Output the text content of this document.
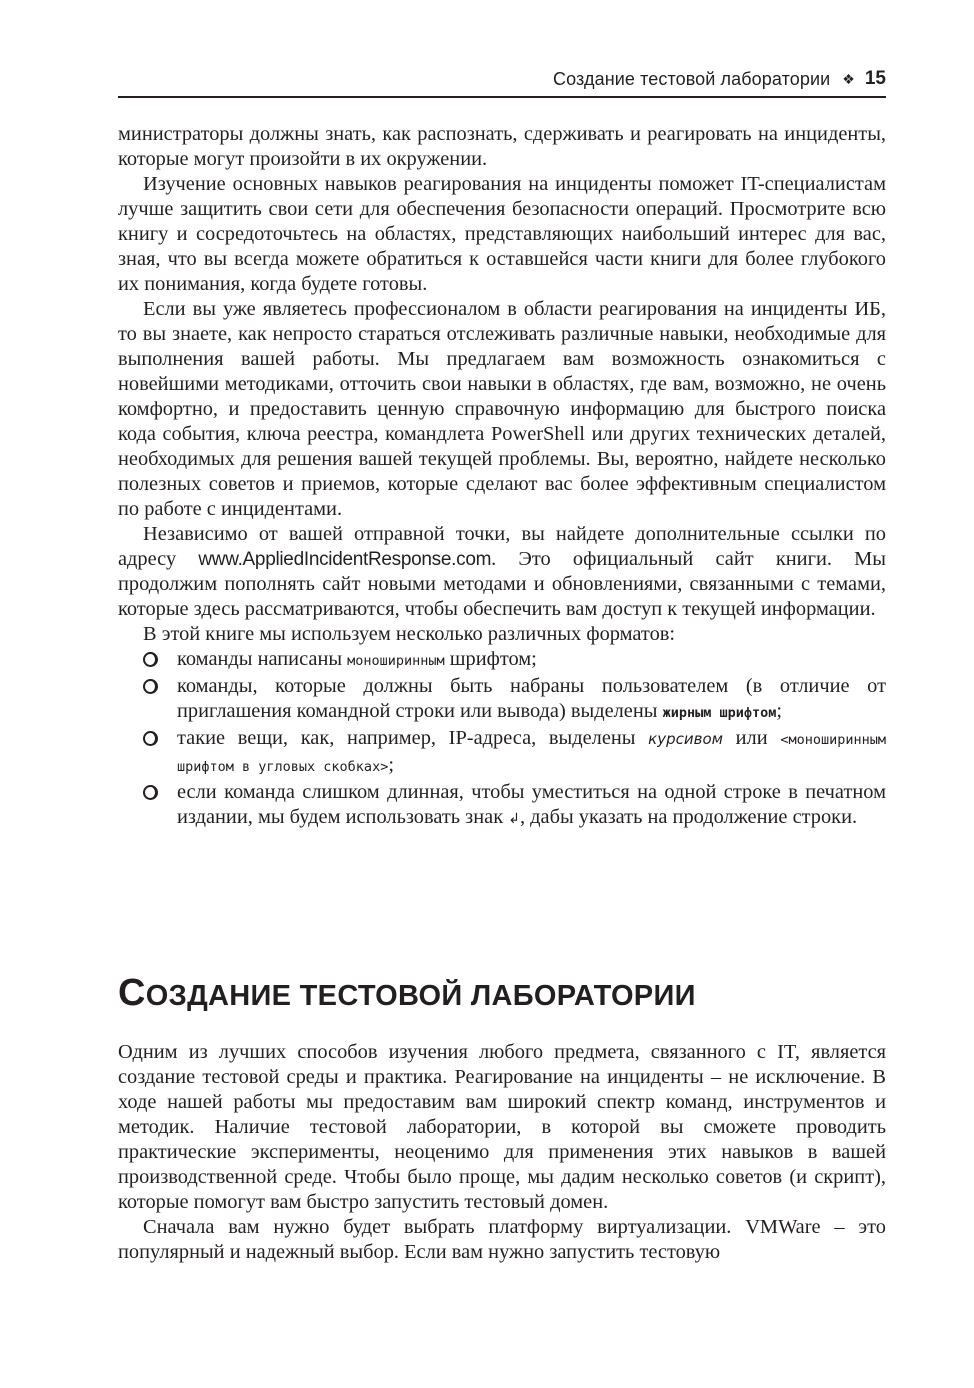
Создание тестовой лаборатории ❖ 15

министраторы должны знать, как распознать, сдерживать и реагировать на инциденты, которые могут произойти в их окружении.

Изучение основных навыков реагирования на инциденты поможет IT-специалистам лучше защитить свои сети для обеспечения безопасности операций. Просмотрите всю книгу и сосредоточьтесь на областях, представляющих наибольший интерес для вас, зная, что вы всегда можете обратиться к оставшейся части книги для более глубокого их понимания, когда будете готовы.

Если вы уже являетесь профессионалом в области реагирования на инциденты ИБ, то вы знаете, как непросто стараться отслеживать различные навыки, необходимые для выполнения вашей работы. Мы предлагаем вам возможность ознакомиться с новейшими методиками, отточить свои навыки в областях, где вам, возможно, не очень комфортно, и предоставить ценную справочную информацию для быстрого поиска кода события, ключа реестра, командлета PowerShell или других технических деталей, необходимых для решения вашей текущей проблемы. Вы, вероятно, найдете несколько полезных советов и приемов, которые сделают вас более эффективным специалистом по работе с инцидентами.

Независимо от вашей отправной точки, вы найдете дополнительные ссылки по адресу www.AppliedIncidentResponse.com. Это официальный сайт книги. Мы продолжим пополнять сайт новыми методами и обновлениями, связанными с темами, которые здесь рассматриваются, чтобы обеспечить вам доступ к текущей информации.

В этой книге мы используем несколько различных форматов:

команды написаны моноширинным шрифтом;
команды, которые должны быть набраны пользователем (в отличие от приглашения командной строки или вывода) выделены жирным шрифтом;
такие вещи, как, например, IP-адреса, выделены курсивом или <моноширинным шрифтом в угловых скобках>;
если команда слишком длинная, чтобы уместиться на одной строке в печатном издании, мы будем использовать знак ↲, дабы указать на продолжение строки.
СОЗДАНИЕ ТЕСТОВОЙ ЛАБОРАТОРИИ

Одним из лучших способов изучения любого предмета, связанного с IT, является создание тестовой среды и практика. Реагирование на инциденты – не исключение. В ходе нашей работы мы предоставим вам широкий спектр команд, инструментов и методик. Наличие тестовой лаборатории, в которой вы сможете проводить практические эксперименты, неоценимо для применения этих навыков в вашей производственной среде. Чтобы было проще, мы дадим несколько советов (и скрипт), которые помогут вам быстро запустить тестовый домен.

Сначала вам нужно будет выбрать платформу виртуализации. VMWare – это популярный и надежный выбор. Если вам нужно запустить тестовую
